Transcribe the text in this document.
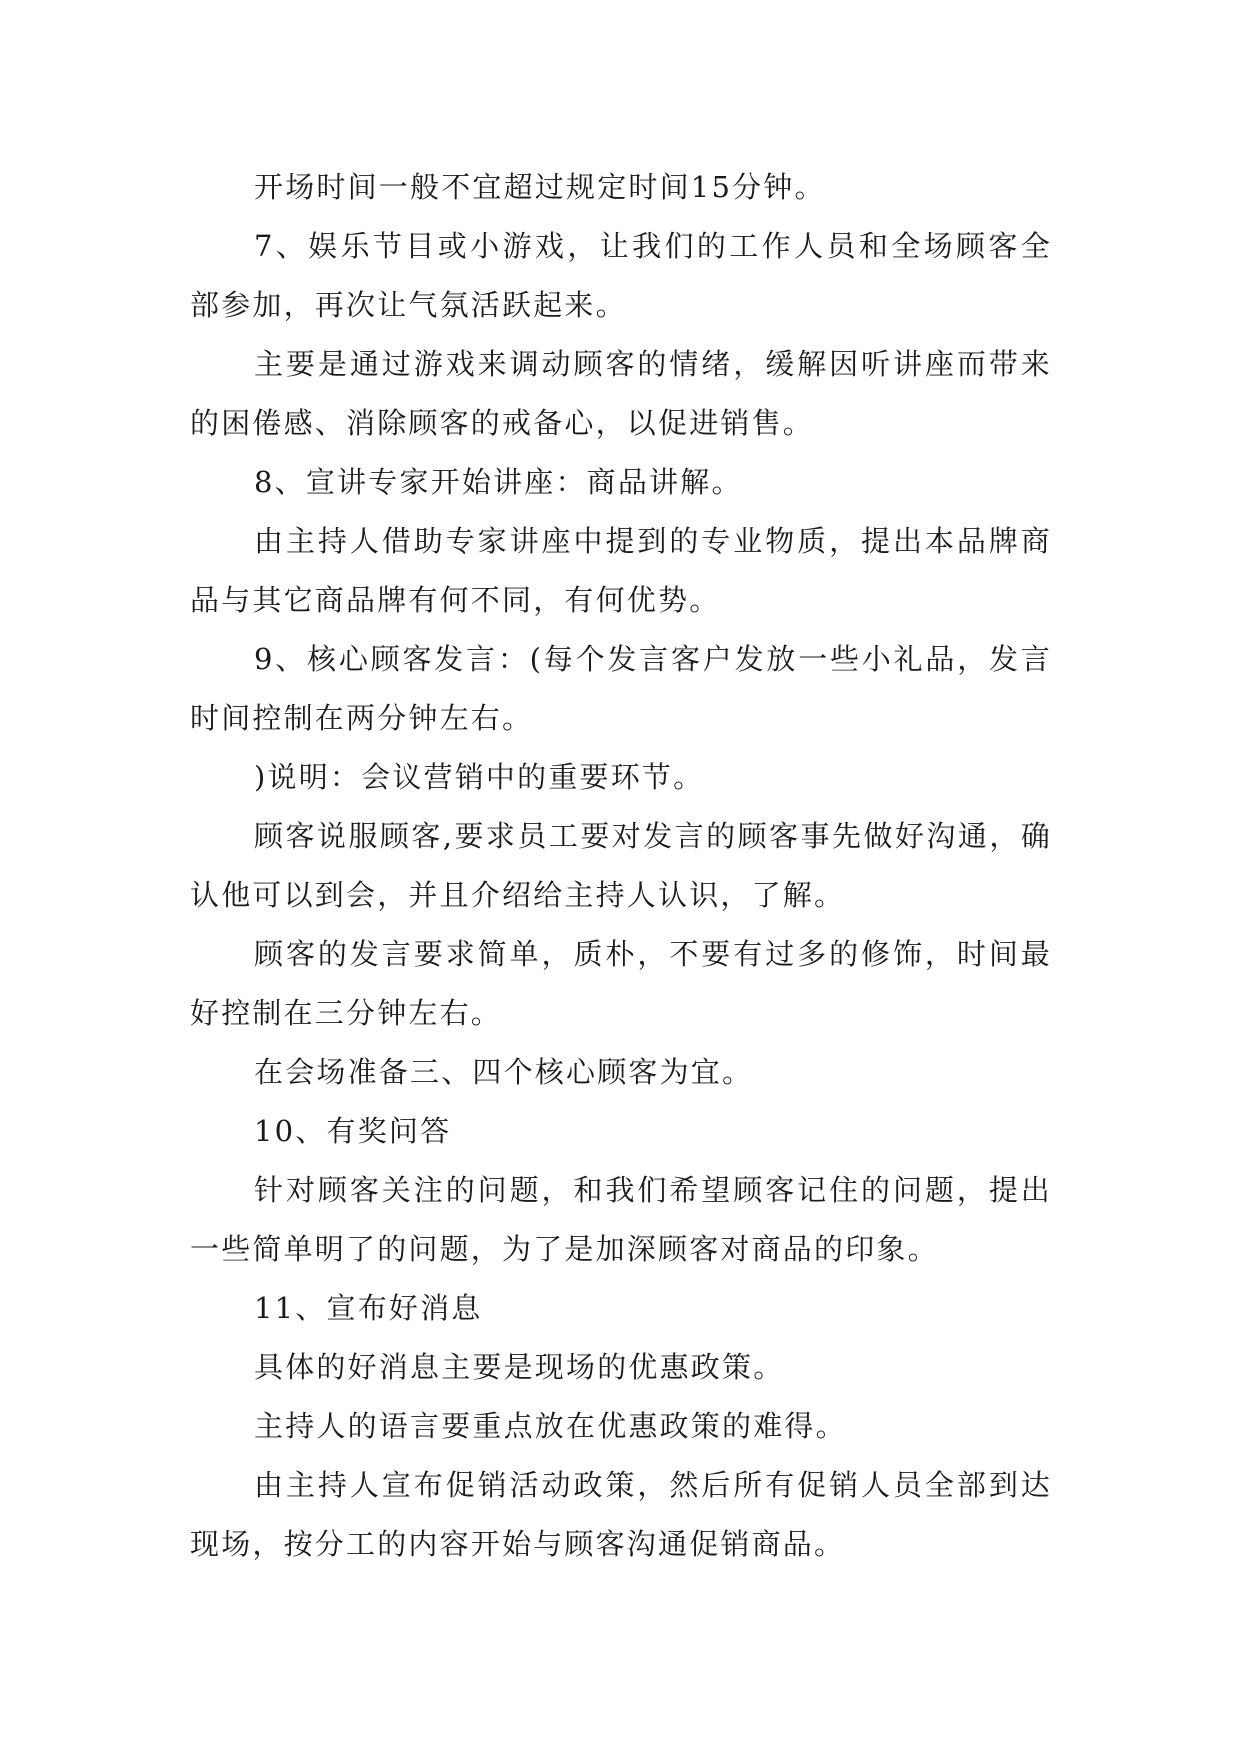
开场时间一般不宜超过规定时间15分钟。

7、娱乐节目或小游戏，让我们的工作人员和全场顾客全部参加，再次让气氛活跃起来。

主要是通过游戏来调动顾客的情绪，缓解因听讲座而带来的困倦感、消除顾客的戒备心，以促进销售。

8、宣讲专家开始讲座：商品讲解。

由主持人借助专家讲座中提到的专业物质，提出本品牌商品与其它商品牌有何不同，有何优势。

9、核心顾客发言：(每个发言客户发放一些小礼品，发言时间控制在两分钟左右。

)说明：会议营销中的重要环节。

顾客说服顾客,要求员工要对发言的顾客事先做好沟通，确认他可以到会，并且介绍给主持人认识，了解。

顾客的发言要求简单，质朴，不要有过多的修饰，时间最好控制在三分钟左右。

在会场准备三、四个核心顾客为宜。

10、有奖问答

针对顾客关注的问题，和我们希望顾客记住的问题，提出一些简单明了的问题，为了是加深顾客对商品的印象。

11、宣布好消息

具体的好消息主要是现场的优惠政策。

主持人的语言要重点放在优惠政策的难得。

由主持人宣布促销活动政策，然后所有促销人员全部到达现场，按分工的内容开始与顾客沟通促销商品。
